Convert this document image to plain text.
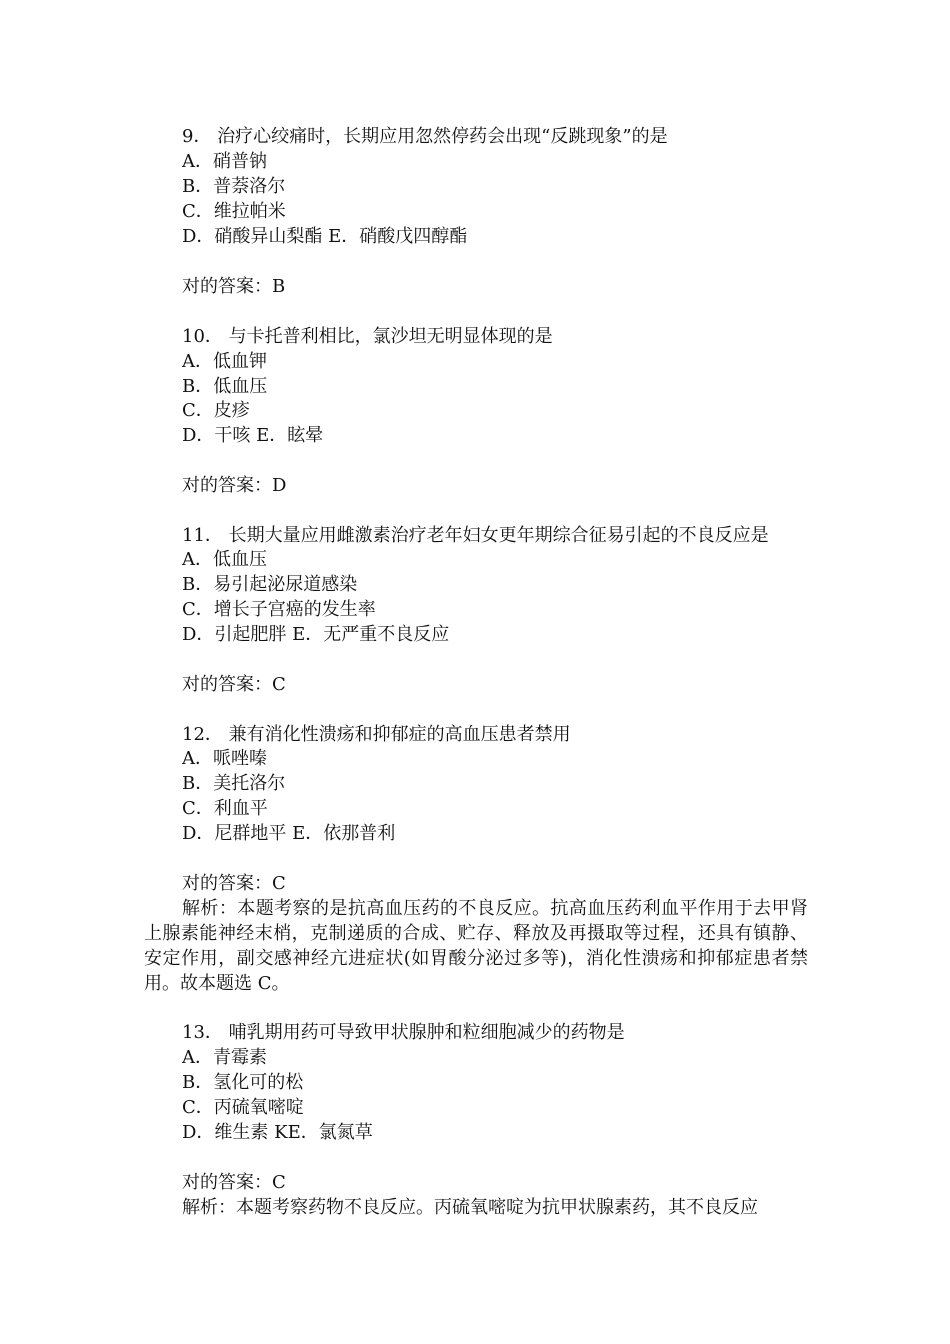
9． 治疗心绞痛时，长期应用忽然停药会出现“反跳现象”的是
A．硝普钠
B．普萘洛尔
C．维拉帕米
D．硝酸异山梨酯 E．硝酸戊四醇酯
对的答案：B
10． 与卡托普利相比，氯沙坦无明显体现的是
A．低血钾
B．低血压
C．皮疹
D．干咳 E．眩晕
对的答案：D
11． 长期大量应用雌激素治疗老年妇女更年期综合征易引起的不良反应是
A．低血压
B．易引起泌尿道感染
C．增长子宫癌的发生率
D．引起肥胖 E．无严重不良反应
对的答案：C
12． 兼有消化性溃疡和抑郁症的高血压患者禁用
A．哌唑嗪
B．美托洛尔
C．利血平
D．尼群地平 E．依那普利
对的答案：C
解析：本题考察的是抗高血压药的不良反应。抗高血压药利血平作用于去甲肾上腺素能神经末梢，克制递质的合成、贮存、释放及再摄取等过程，还具有镇静、安定作用，副交感神经亢进症状(如胃酸分泌过多等)，消化性溃疡和抑郁症患者禁用。故本题选 C。
13． 哺乳期用药可导致甲状腺肿和粒细胞减少的药物是
A．青霉素
B．氢化可的松
C．丙硫氧嘧啶
D．维生素 KE．氯氮草
对的答案：C
解析：本题考察药物不良反应。丙硫氧嘧啶为抗甲状腺素药，其不良反应
